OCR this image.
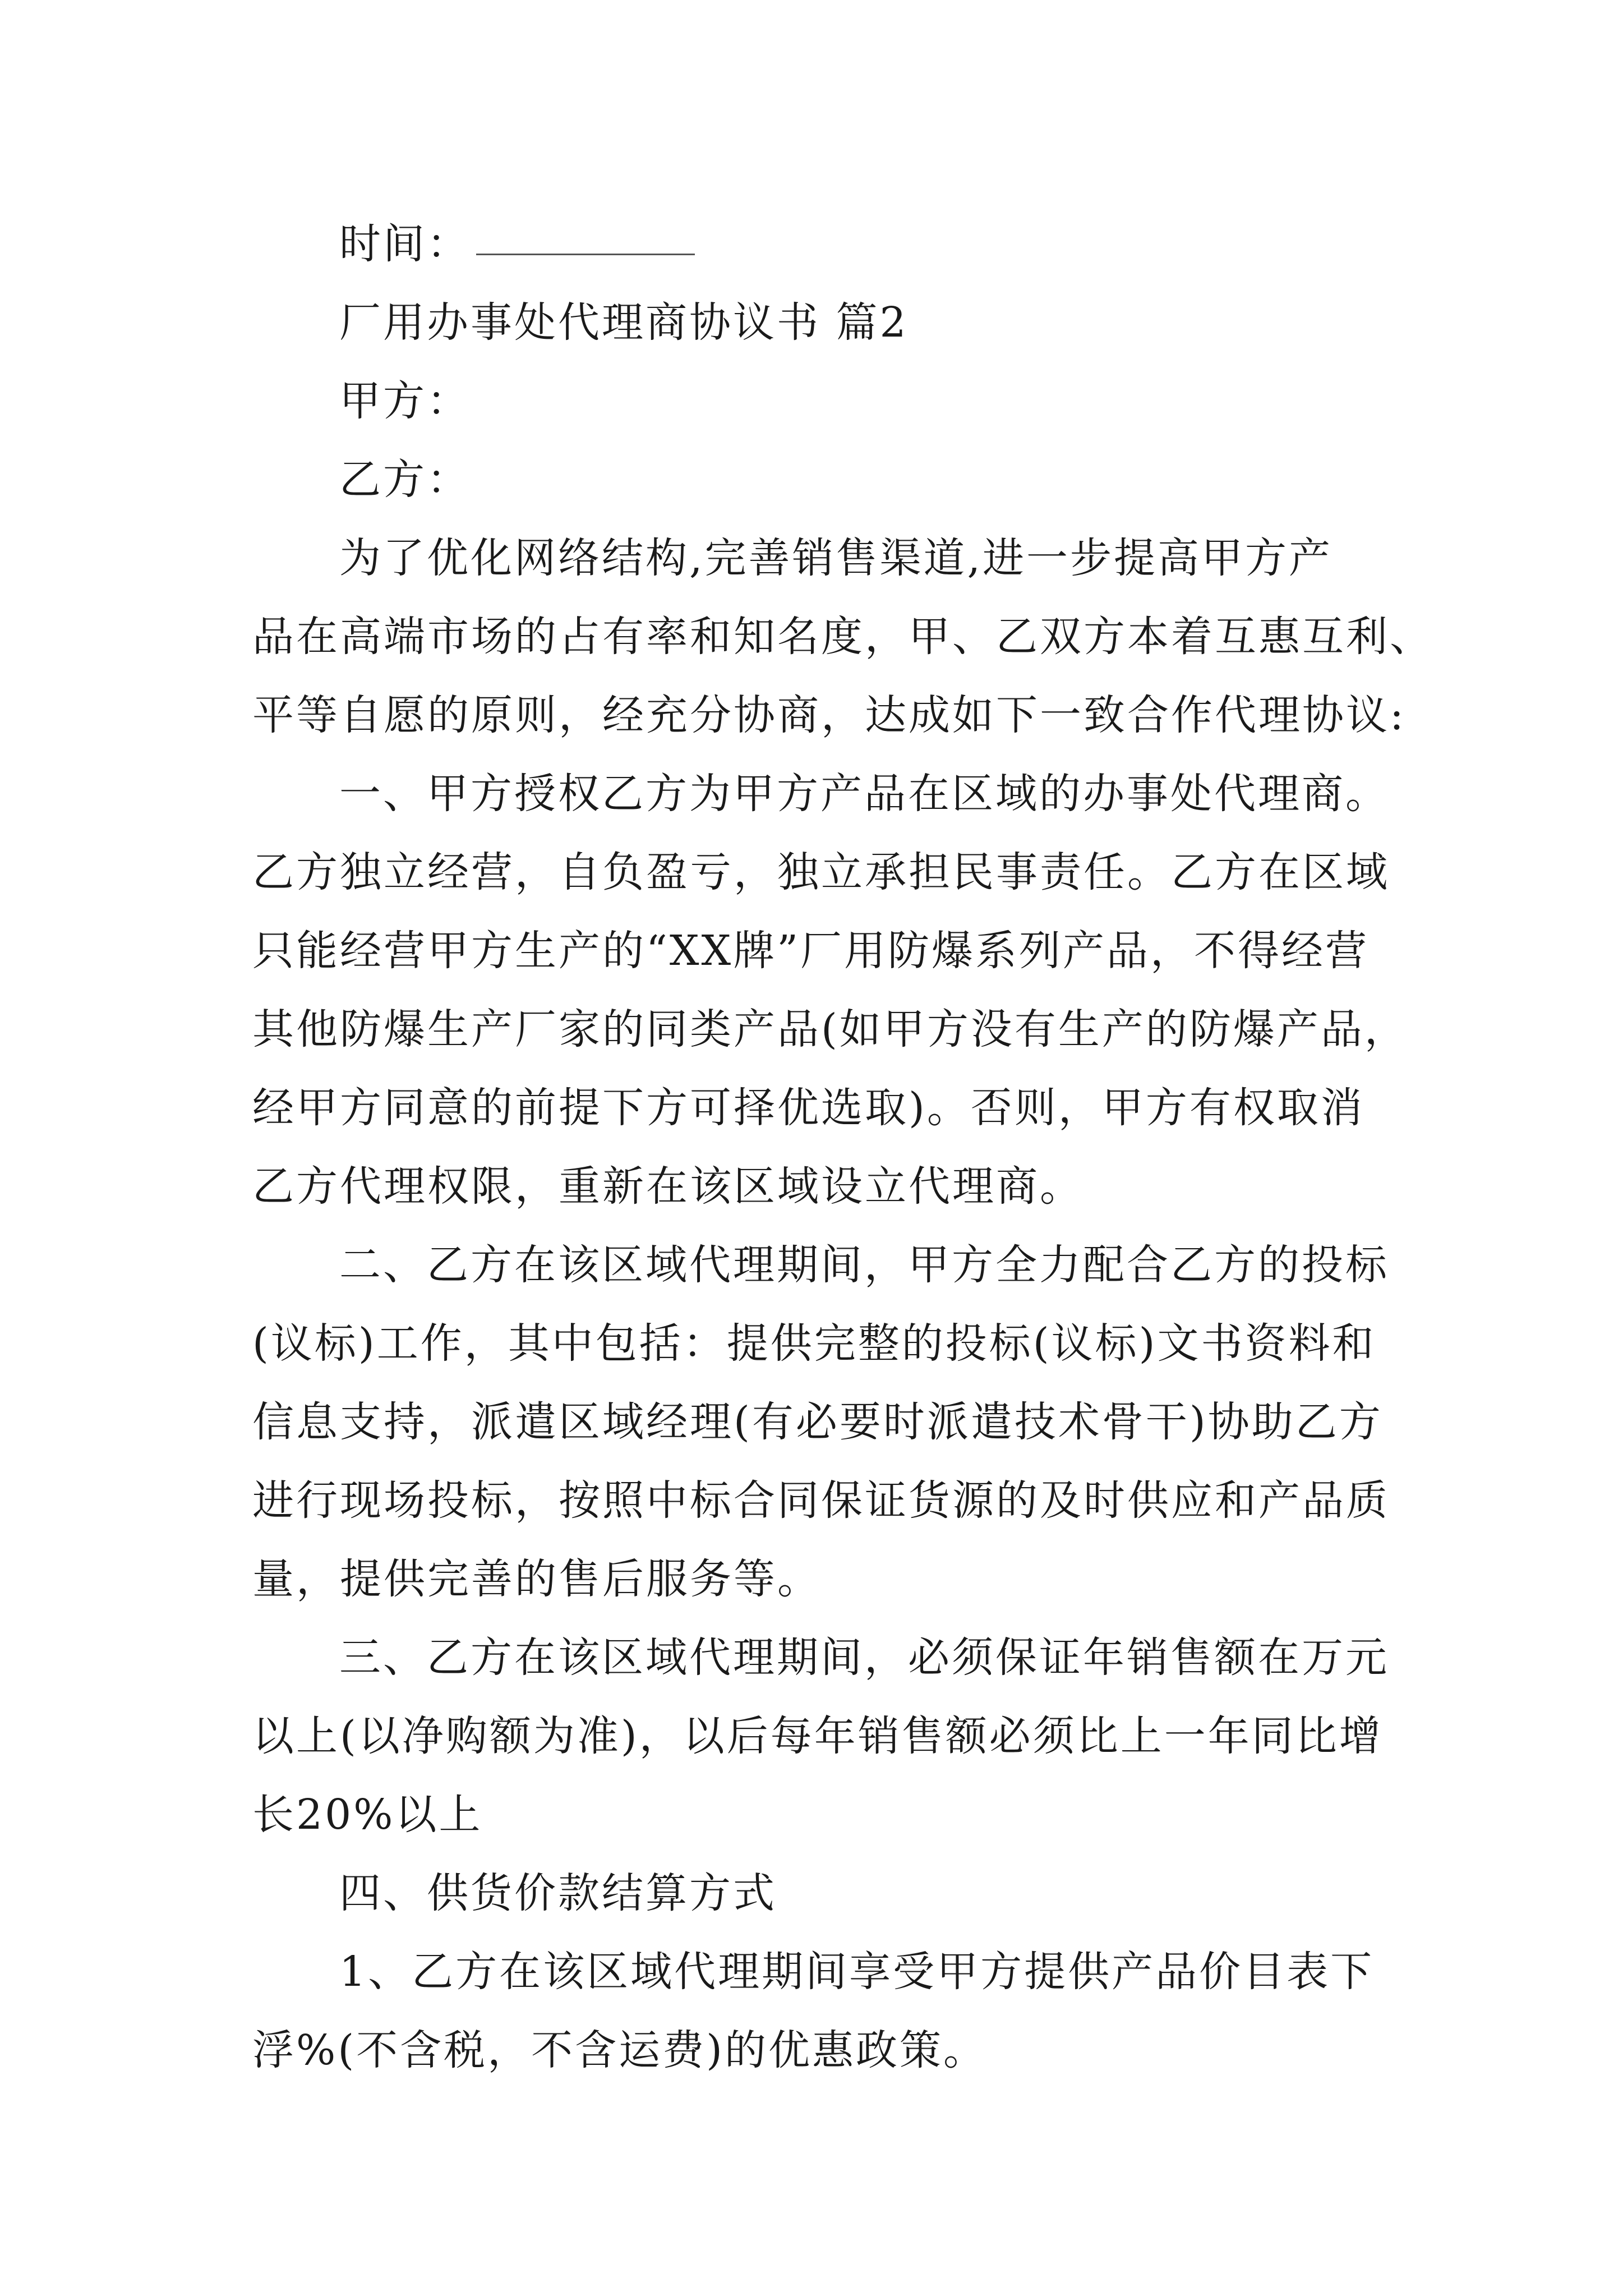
时间：
厂用办事处代理商协议书 篇2
甲方：
乙方：
为了优化网络结构,完善销售渠道,进一步提高甲方产
品在高端市场的占有率和知名度，甲、乙双方本着互惠互利、
平等自愿的原则，经充分协商，达成如下一致合作代理协议:
一、甲方授权乙方为甲方产品在区域的办事处代理商。
乙方独立经营，自负盈亏，独立承担民事责任。乙方在区域
只能经营甲方生产的“XX牌”厂用防爆系列产品，不得经营
其他防爆生产厂家的同类产品(如甲方没有生产的防爆产品，
经甲方同意的前提下方可择优选取)。否则，甲方有权取消
乙方代理权限，重新在该区域设立代理商。
二、乙方在该区域代理期间，甲方全力配合乙方的投标
(议标)工作，其中包括：提供完整的投标(议标)文书资料和
信息支持，派遣区域经理(有必要时派遣技术骨干)协助乙方
进行现场投标，按照中标合同保证货源的及时供应和产品质
量，提供完善的售后服务等。
三、乙方在该区域代理期间，必须保证年销售额在万元
以上(以净购额为准)，以后每年销售额必须比上一年同比增
长20%以上
四、供货价款结算方式
1、乙方在该区域代理期间享受甲方提供产品价目表下
浮%(不含税，不含运费)的优惠政策。
